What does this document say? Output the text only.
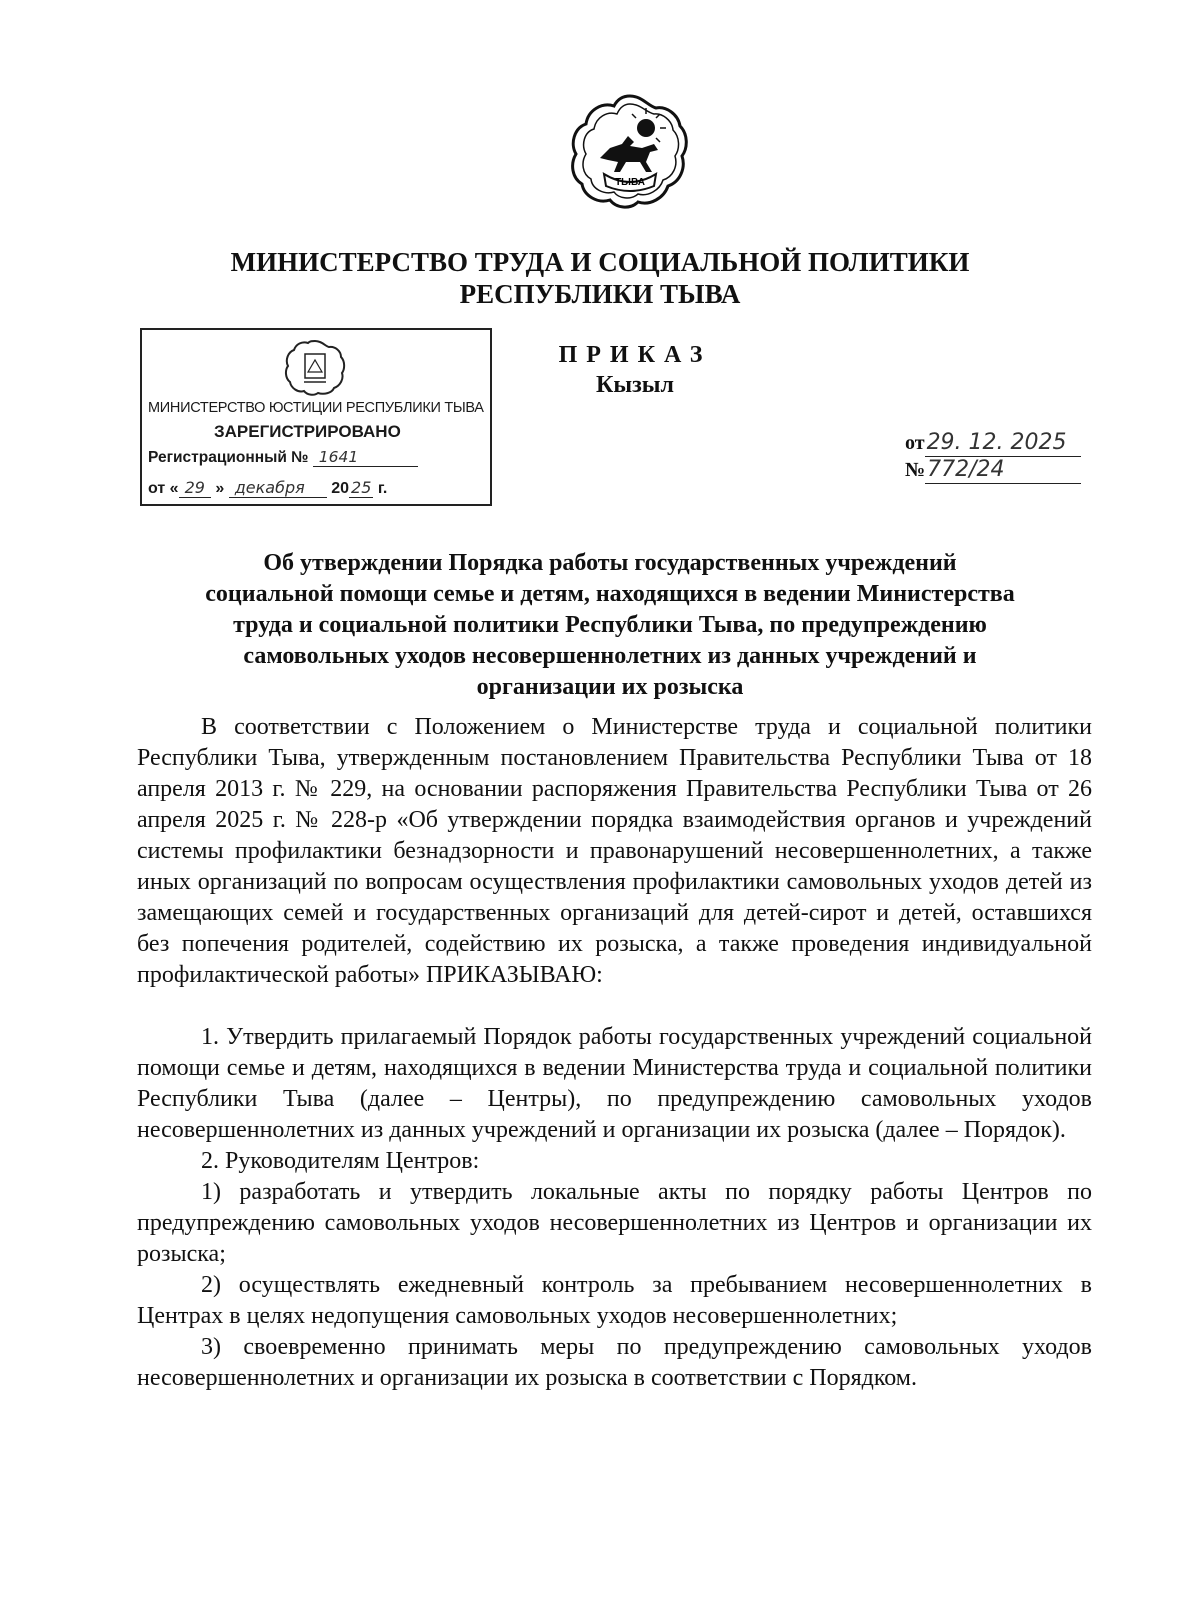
ТЫВА
МИНИСТЕРСТВО ТРУДА И СОЦИАЛЬНОЙ ПОЛИТИКИ
РЕСПУБЛИКИ ТЫВА
МИНИСТЕРСТВО ЮСТИЦИИ РЕСПУБЛИКИ ТЫВА
ЗАРЕГИСТРИРОВАНО
Регистрационный № 1641
от « 29 » декабря 20 25 г.
ПРИКАЗ
Кызыл
от29. 12. 2025
№772/24
Об утверждении Порядка работы государственных учреждений
социальной помощи семье и детям, находящихся в ведении Министерства
труда и социальной политики Республики Тыва, по предупреждению
самовольных уходов несовершеннолетних из данных учреждений и
организации их розыска

В соответствии с Положением о Министерстве труда и социальной политики Республики Тыва, утвержденным постановлением Правительства Республики Тыва от 18 апреля 2013 г. № 229, на основании распоряжения Правительства Республики Тыва от 26 апреля 2025 г. № 228-р «Об утверждении порядка взаимодействия органов и учреждений системы профилактики безнадзорности и правонарушений несовершеннолетних, а также иных организаций по вопросам осуществления профилактики самовольных уходов детей из замещающих семей и государственных организаций для детей-сирот и детей, оставшихся без попечения родителей, содействию их розыска, а также проведения индивидуальной профилактической работы» ПРИКАЗЫВАЮ:

1. Утвердить прилагаемый Порядок работы государственных учреждений социальной помощи семье и детям, находящихся в ведении Министерства труда и социальной политики Республики Тыва (далее – Центры), по предупреждению самовольных уходов несовершеннолетних из данных учреждений и организации их розыска (далее – Порядок).

2. Руководителям Центров:

1) разработать и утвердить локальные акты по порядку работы Центров по предупреждению самовольных уходов несовершеннолетних из Центров и организации их розыска;

2) осуществлять ежедневный контроль за пребыванием несовершеннолетних в Центрах в целях недопущения самовольных уходов несовершеннолетних;

3) своевременно принимать меры по предупреждению самовольных уходов несовершеннолетних и организации их розыска в соответствии с Порядком.
